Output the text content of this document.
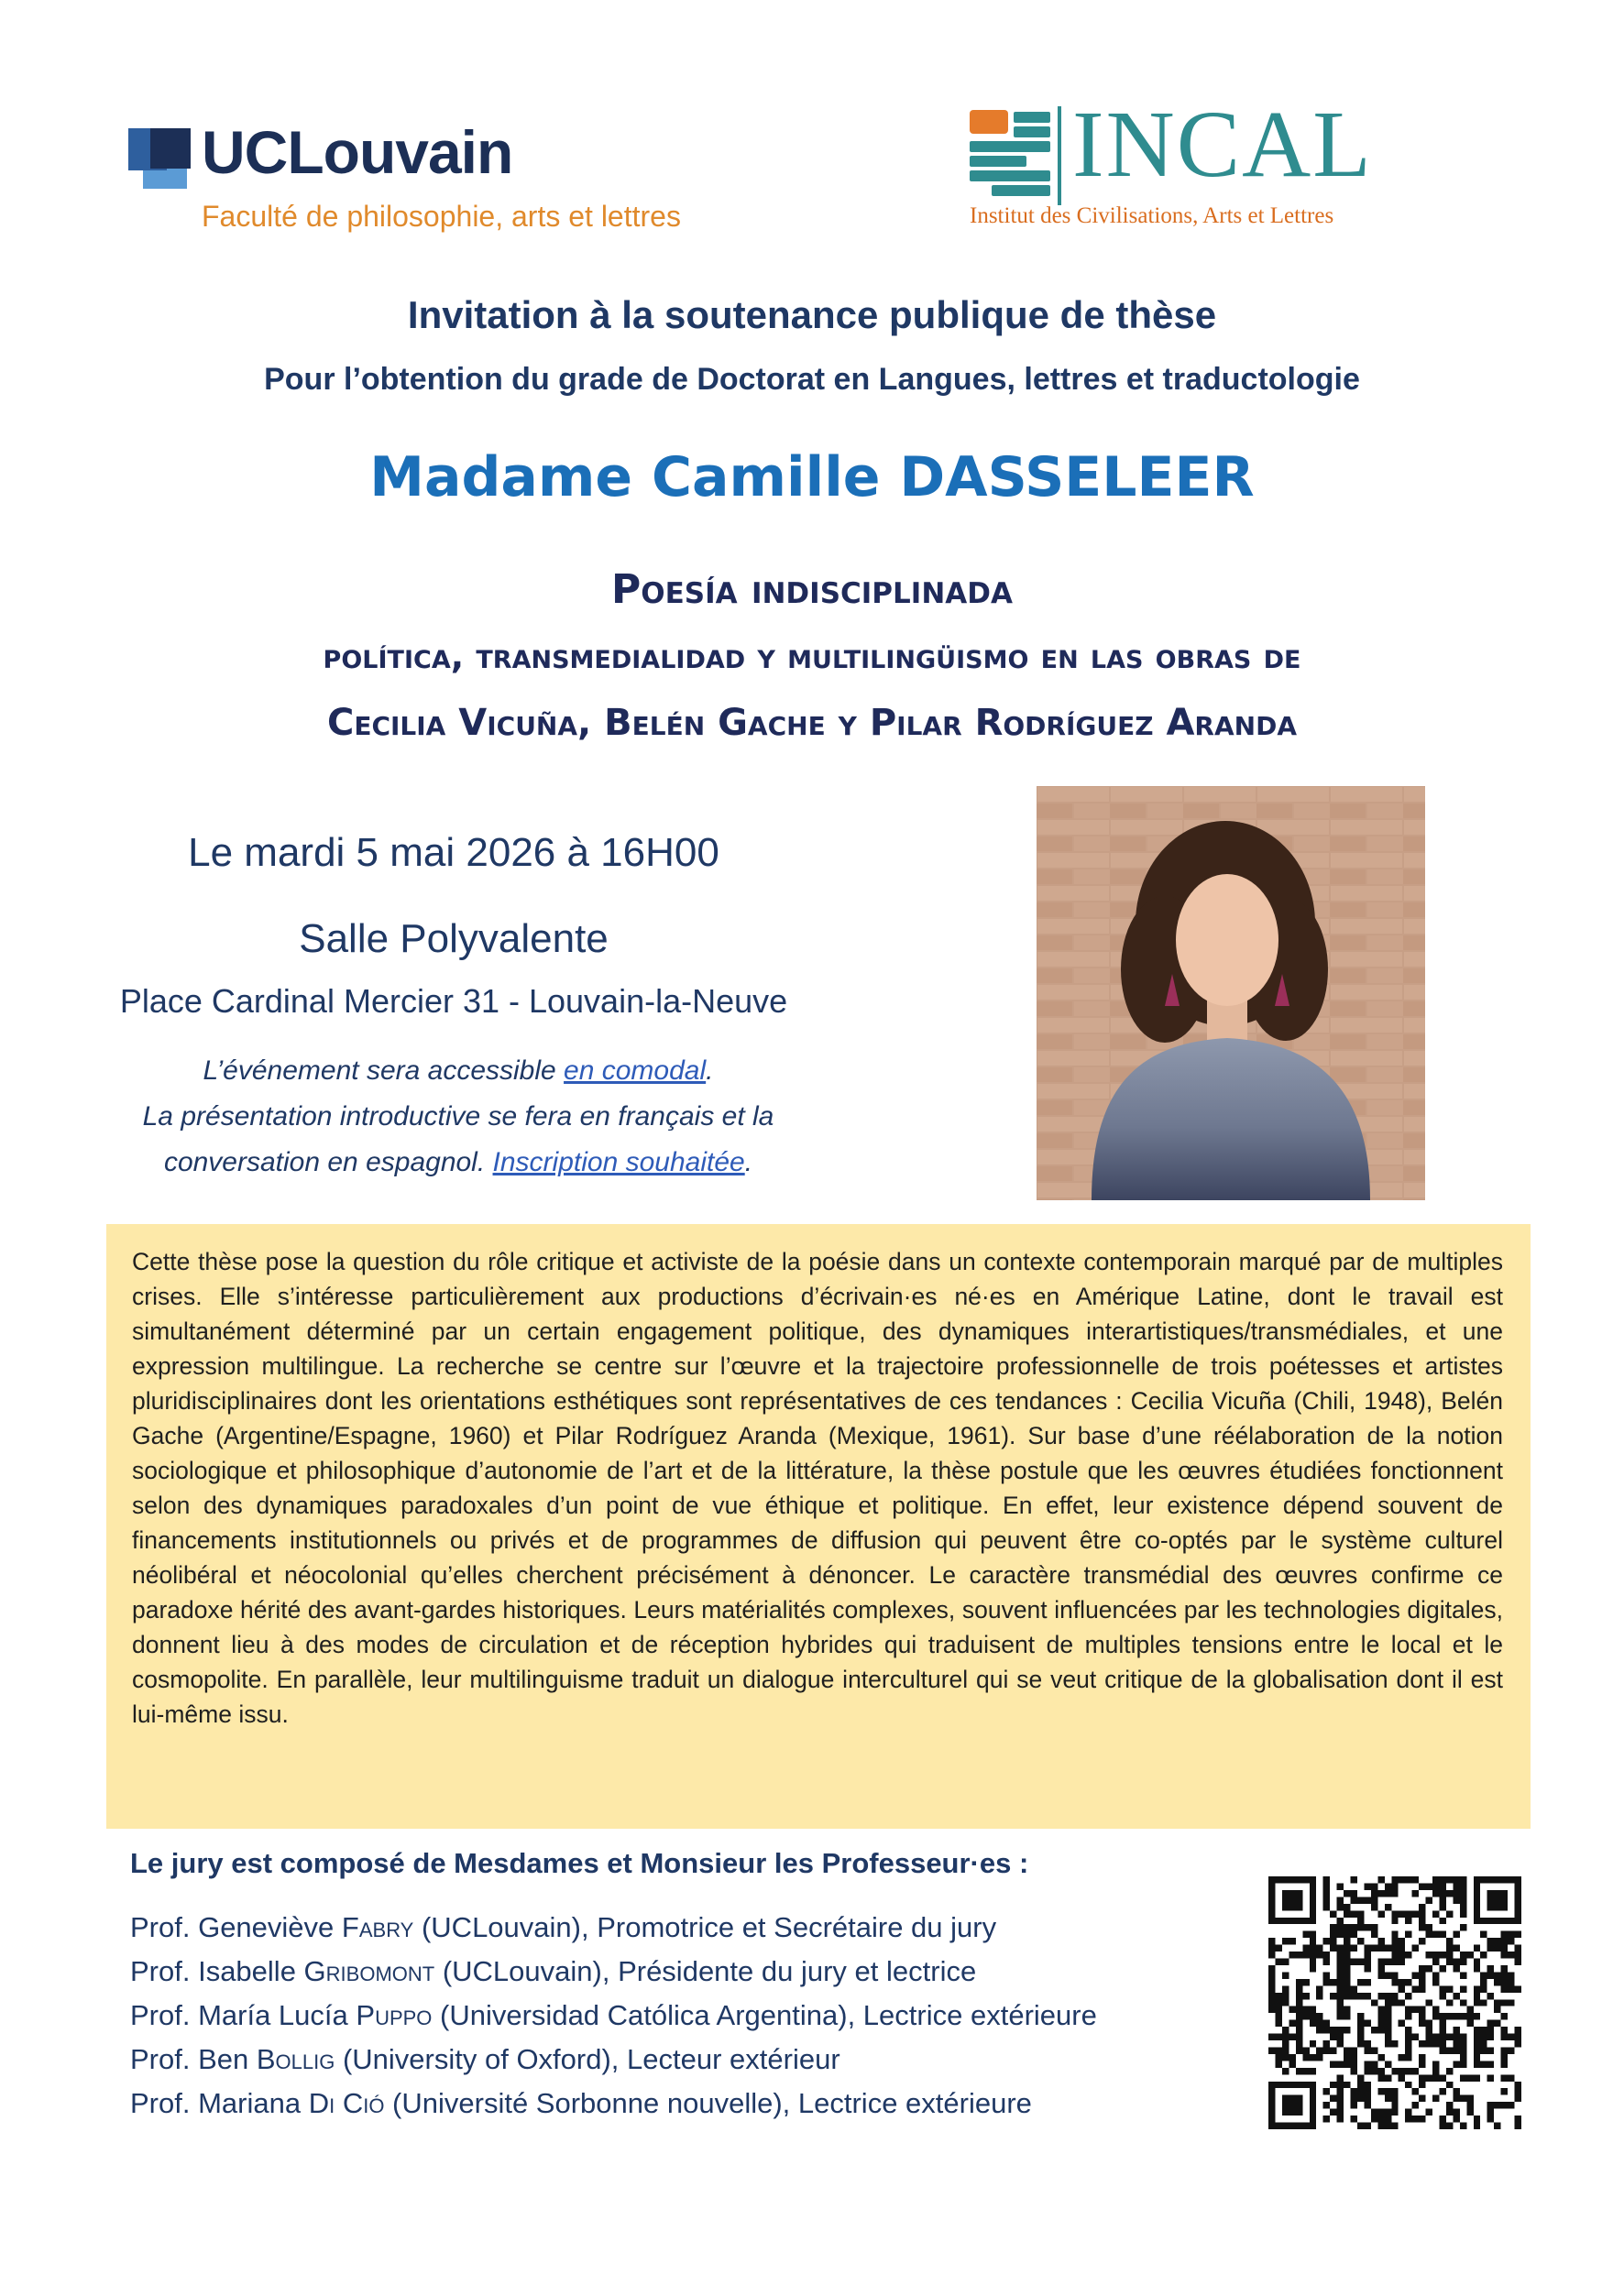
UCLouvain
Faculté de philosophie, arts et lettres
INCAL
Institut des Civilisations, Arts et Lettres
Invitation à la soutenance publique de thèse
Pour l’obtention du grade de Doctorat en Langues, lettres et traductologie
Madame Camille DASSELEER
Poesía indisciplinada
política, transmedialidad y multilingüismo en las obras de
Cecilia Vicuña, Belén Gache y Pilar Rodríguez Aranda
Le mardi 5 mai 2026 à 16H00
Salle Polyvalente
Place Cardinal Mercier 31 - Louvain-la-Neuve
L’événement sera accessible en comodal.
La présentation introductive se fera en français et la
conversation en espagnol. Inscription souhaitée.
Cette thèse pose la question du rôle critique et activiste de la poésie dans un contexte contemporain marqué par de multiples crises. Elle s’intéresse particulièrement aux productions d’écrivain·es né·es en Amérique Latine, dont le travail est simultanément déterminé par un certain engagement politique, des dynamiques interartistiques/transmédiales, et une expression multilingue. La recherche se centre sur l’œuvre et la trajectoire professionnelle de trois poétesses et artistes pluridisciplinaires dont les orientations esthétiques sont représentatives de ces tendances : Cecilia Vicuña (Chili, 1948), Belén Gache (Argentine/Espagne, 1960) et Pilar Rodríguez Aranda (Mexique, 1961). Sur base d’une réélaboration de la notion sociologique et philosophique d’autonomie de l’art et de la littérature, la thèse postule que les œuvres étudiées fonctionnent selon des dynamiques paradoxales d’un point de vue éthique et politique. En effet, leur existence dépend souvent de financements institutionnels ou privés et de programmes de diffusion qui peuvent être co-optés par le système culturel néolibéral et néocolonial qu’elles cherchent précisément à dénoncer. Le caractère transmédial des œuvres confirme ce paradoxe hérité des avant-gardes historiques. Leurs matérialités complexes, souvent influencées par les technologies digitales, donnent lieu à des modes de circulation et de réception hybrides qui traduisent de multiples tensions entre le local et le cosmopolite. En parallèle, leur multilinguisme traduit un dialogue interculturel qui se veut critique de la globalisation dont il est lui-même issu.
Le jury est composé de Mesdames et Monsieur les Professeur·es :
Prof. Geneviève Fabry (UCLouvain), Promotrice et Secrétaire du jury
Prof. Isabelle Gribomont (UCLouvain), Présidente du jury et lectrice
Prof. María Lucía Puppo (Universidad Católica Argentina), Lectrice extérieure
Prof. Ben Bollig (University of Oxford), Lecteur extérieur
Prof. Mariana Di Ció (Université Sorbonne nouvelle), Lectrice extérieure
